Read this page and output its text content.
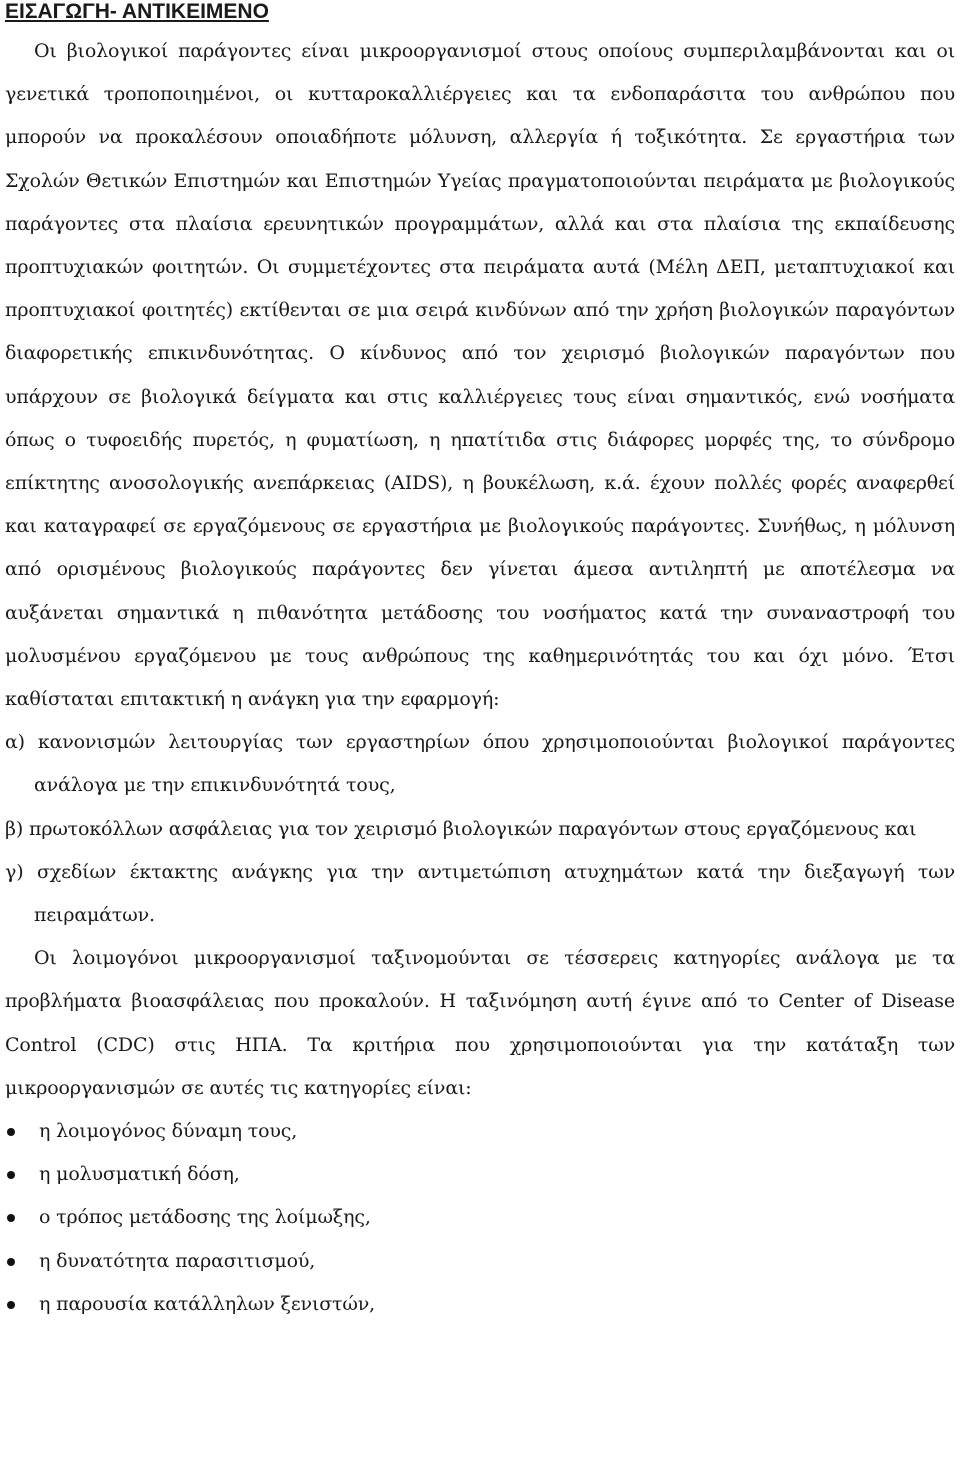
ΕΙΣΑΓΩΓΗ- ΑΝΤΙΚΕΙΜΕΝΟ

Οι βιολογικοί παράγοντες είναι μικροοργανισμοί στους οποίους συμπεριλαμβάνονται και οι γενετικά τροποποιημένοι, οι κυτταροκαλλιέργειες και τα ενδοπαράσιτα του ανθρώπου που μπορούν να προκαλέσουν οποιαδήποτε μόλυνση, αλλεργία ή τοξικότητα. Σε εργαστήρια των Σχολών Θετικών Επιστημών και Επιστημών Υγείας πραγματοποιούνται πειράματα με βιολογικούς παράγοντες στα πλαίσια ερευνητικών προγραμμάτων, αλλά και στα πλαίσια της εκπαίδευσης προπτυχιακών φοιτητών. Οι συμμετέχοντες στα πειράματα αυτά (Μέλη ΔΕΠ, μεταπτυχιακοί και προπτυχιακοί φοιτητές) εκτίθενται σε μια σειρά κινδύνων από την χρήση βιολογικών παραγόντων διαφορετικής επικινδυνότητας. Ο κίνδυνος από τον χειρισμό βιολογικών παραγόντων που υπάρχουν σε βιολογικά δείγματα και στις καλλιέργειες τους είναι σημαντικός, ενώ νοσήματα όπως ο τυφοειδής πυρετός, η φυματίωση, η ηπατίτιδα στις διάφορες μορφές της, το σύνδρομο επίκτητης ανοσολογικής ανεπάρκειας (AIDS), η βουκέλωση, κ.ά. έχουν πολλές φορές αναφερθεί και καταγραφεί σε εργαζόμενους σε εργαστήρια με βιολογικούς παράγοντες. Συνήθως, η μόλυνση από ορισμένους βιολογικούς παράγοντες δεν γίνεται άμεσα αντιληπτή με αποτέλεσμα να αυξάνεται σημαντικά η πιθανότητα μετάδοσης του νοσήματος κατά την συναναστροφή του μολυσμένου εργαζόμενου με τους ανθρώπους της καθημερινότητάς του και όχι μόνο. Έτσι καθίσταται επιτακτική η ανάγκη για την εφαρμογή:

α) κανονισμών λειτουργίας των εργαστηρίων όπου χρησιμοποιούνται βιολογικοί παράγοντες ανάλογα με την επικινδυνότητά τους,

β) πρωτοκόλλων ασφάλειας για τον χειρισμό βιολογικών παραγόντων στους εργαζόμενους και

γ) σχεδίων έκτακτης ανάγκης για την αντιμετώπιση ατυχημάτων κατά την διεξαγωγή των πειραμάτων.

Οι λοιμογόνοι μικροοργανισμοί ταξινομούνται σε τέσσερεις κατηγορίες ανάλογα με τα προβλήματα βιοασφάλειας που προκαλούν. Η ταξινόμηση αυτή έγινε από το Center of Disease Control (CDC) στις ΗΠΑ. Τα κριτήρια που χρησιμοποιούνται για την κατάταξη των μικροοργανισμών σε αυτές τις κατηγορίες είναι:

η λοιμογόνος δύναμη τους,
η μολυσματική δόση,
ο τρόπος μετάδοσης της λοίμωξης,
η δυνατότητα παρασιτισμού,
η παρουσία κατάλληλων ξενιστών,
